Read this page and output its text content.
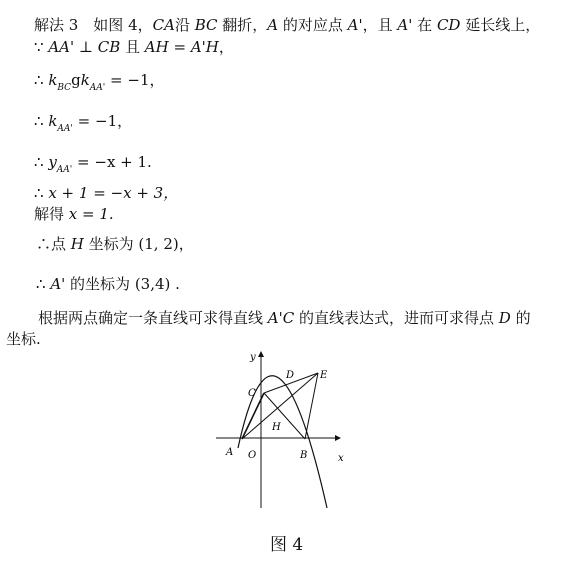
解法 3　如图 4，CA沿 BC 翻折，A 的对应点 A'，且 A' 在 CD 延长线上，
∵ AA' ⊥ CB 且 AH = A'H，
∴ $k_{BC}gk_{AA'} = -1$，
∴ $k_{AA'} = -1$，
∴ $y_{AA'} = -x + 1$.
∴ x + 1 = −x + 3，
解得 x = 1.
∴点 H 坐标为 (1, 2)，
∴ A' 的坐标为 (3,4) .
根据两点确定一条直线可求得直线 A'C 的直线表达式，进而可求得点 D 的
坐标.
y
x
C
D	E
H
A O	B
图 4
